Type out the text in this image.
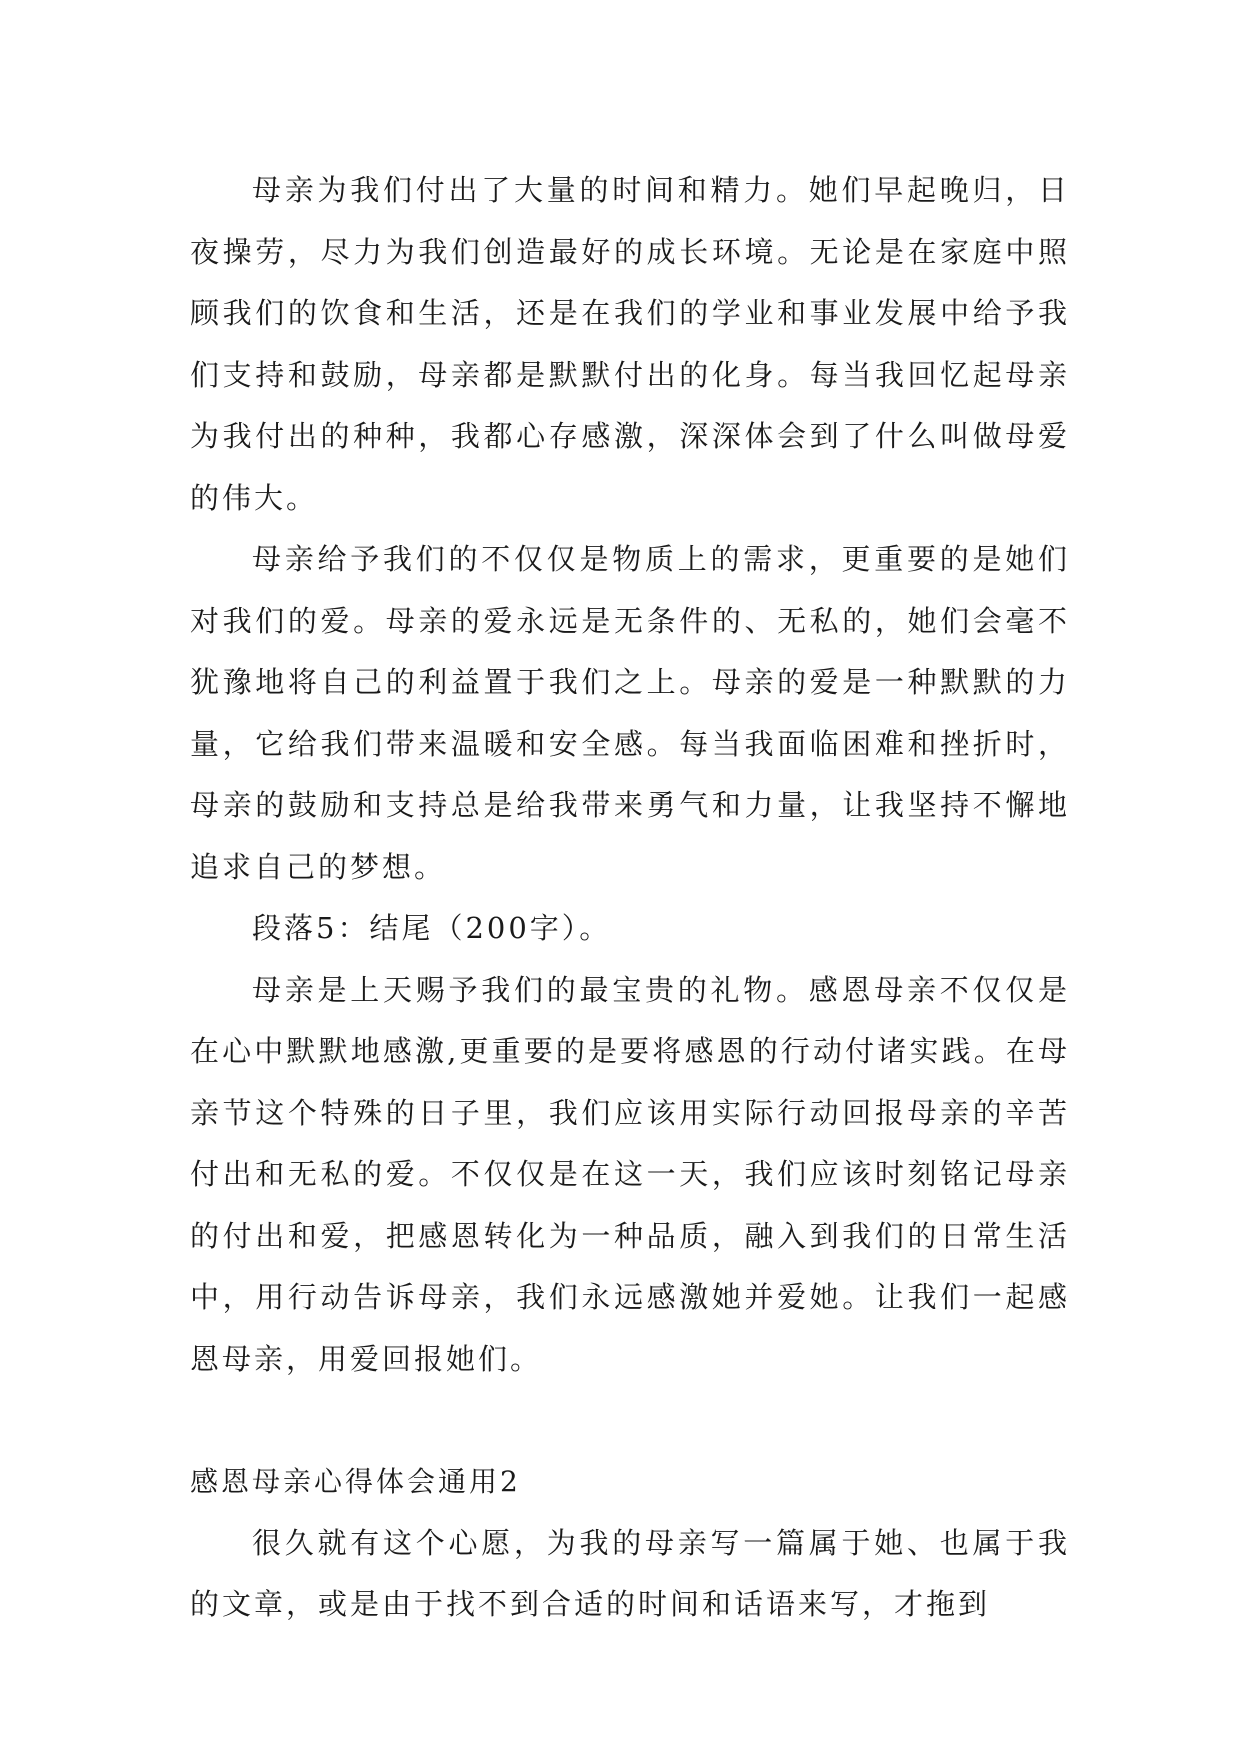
母亲为我们付出了大量的时间和精力。她们早起晚归，日夜操劳，尽力为我们创造最好的成长环境。无论是在家庭中照顾我们的饮食和生活，还是在我们的学业和事业发展中给予我们支持和鼓励，母亲都是默默付出的化身。每当我回忆起母亲为我付出的种种，我都心存感激，深深体会到了什么叫做母爱的伟大。

母亲给予我们的不仅仅是物质上的需求，更重要的是她们对我们的爱。母亲的爱永远是无条件的、无私的，她们会毫不犹豫地将自己的利益置于我们之上。母亲的爱是一种默默的力量，它给我们带来温暖和安全感。每当我面临困难和挫折时，母亲的鼓励和支持总是给我带来勇气和力量，让我坚持不懈地追求自己的梦想。

段落5：结尾（200字）。

母亲是上天赐予我们的最宝贵的礼物。感恩母亲不仅仅是在心中默默地感激,更重要的是要将感恩的行动付诸实践。在母亲节这个特殊的日子里，我们应该用实际行动回报母亲的辛苦付出和无私的爱。不仅仅是在这一天，我们应该时刻铭记母亲的付出和爱，把感恩转化为一种品质，融入到我们的日常生活中，用行动告诉母亲，我们永远感激她并爱她。让我们一起感恩母亲，用爱回报她们。

感恩母亲心得体会通用2

很久就有这个心愿，为我的母亲写一篇属于她、也属于我的文章，或是由于找不到合适的时间和话语来写，才拖到
